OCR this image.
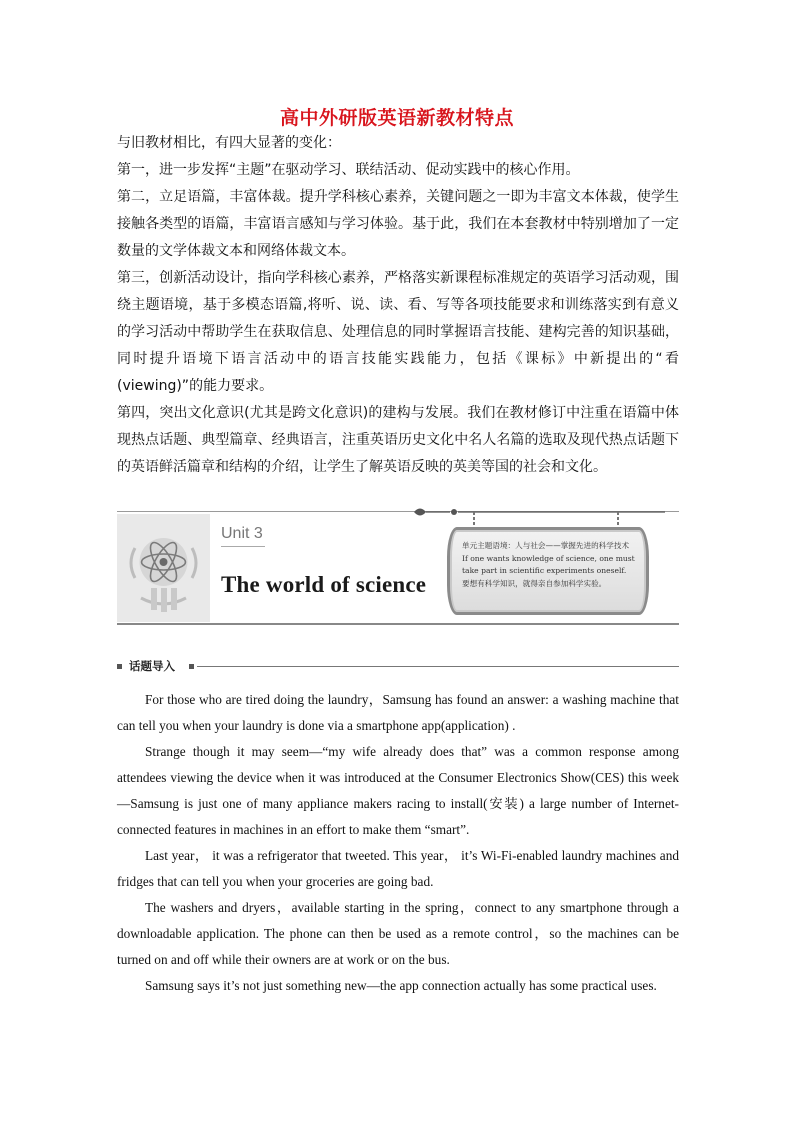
高中外研版英语新教材特点

与旧教材相比，有四大显著的变化：

第一，进一步发挥“主题”在驱动学习、联结活动、促动实践中的核心作用。

第二，立足语篇，丰富体裁。提升学科核心素养，关键问题之一即为丰富文本体裁，使学生接触各类型的语篇，丰富语言感知与学习体验。基于此，我们在本套教材中特别增加了一定数量的文学体裁文本和网络体裁文本。

第三，创新活动设计，指向学科核心素养，严格落实新课程标准规定的英语学习活动观，围绕主题语境，基于多模态语篇,将听、说、读、看、写等各项技能要求和训练落实到有意义的学习活动中帮助学生在获取信息、处理信息的同时掌握语言技能、建构完善的知识基础，同时提升语境下语言活动中的语言技能实践能力，包括《课标》中新提出的“看(viewing)”的能力要求。

第四，突出文化意识(尤其是跨文化意识)的建构与发展。我们在教材修订中注重在语篇中体现热点话题、典型篇章、经典语言，注重英语历史文化中名人名篇的选取及现代热点话题下的英语鲜活篇章和结构的介绍，让学生了解英语反映的英美等国的社会和文化。

Unit 3
The world of science
单元主题语境：人与社会——掌握先进的科学技术
If one wants knowledge of science, one must take part in scientific experiments oneself.
要想有科学知识，就得亲自参加科学实验。
话题导入

For those who are tired doing the laundry，Samsung has found an answer: a washing machine that can tell you when your laundry is done via a smartphone app(application) .

Strange though it may seem—“my wife already does that” was a common response among attendees viewing the device when it was introduced at the Consumer Electronics Show(CES) this week—Samsung is just one of many appliance makers racing to install(安装) a large number of Internet-connected features in machines in an effort to make them “smart”.

Last year， it was a refrigerator that tweeted. This year， it’s Wi-Fi-enabled laundry machines and fridges that can tell you when your groceries are going bad.

The washers and dryers，available starting in the spring，connect to any smartphone through a downloadable application. The phone can then be used as a remote control，so the machines can be turned on and off while their owners are at work or on the bus.

Samsung says it’s not just something new—the app connection actually has some practical uses.
